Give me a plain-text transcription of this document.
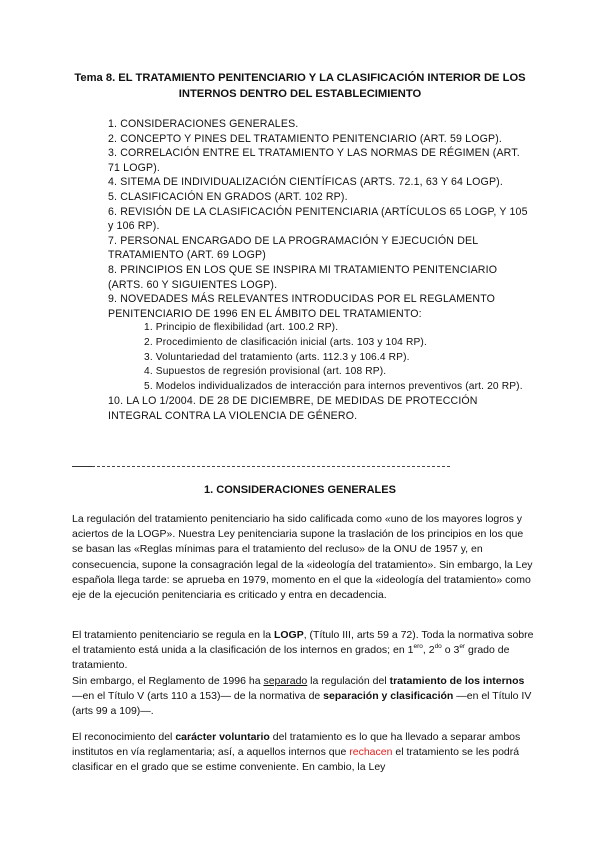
Tema 8. EL TRATAMIENTO PENITENCIARIO Y LA CLASIFICACIÓN INTERIOR DE LOS
INTERNOS DENTRO DEL ESTABLECIMIENTO

1. CONSIDERACIONES GENERALES.

2. CONCEPTO Y PINES DEL TRATAMIENTO PENITENCIARIO (ART. 59 LOGP).

3. CORRELACIÓN ENTRE EL TRATAMIENTO Y LAS NORMAS DE RÉGIMEN (ART. 71 LOGP).

4. SITEMA DE INDIVIDUALIZACIÓN CIENTÍFICAS (ARTS. 72.1, 63 Y 64 LOGP).

5. CLASIFICACIÓN EN GRADOS (ART. 102 RP).

6. REVISIÓN DE LA CLASIFICACIÓN PENITENCIARIA (ARTÍCULOS 65 LOGP, Y 105 y 106 RP).

7. PERSONAL ENCARGADO DE LA PROGRAMACIÓN Y EJECUCIÓN DEL TRATAMIENTO (ART. 69 LOGP)

8. PRINCIPIOS EN LOS QUE SE INSPIRA MI TRATAMIENTO PENITENCIARIO (ARTS. 60 Y SIGUIENTES LOGP).

9. NOVEDADES MÁS RELEVANTES INTRODUCIDAS POR EL REGLAMENTO PENITENCIARIO DE 1996 EN EL ÁMBITO DEL TRATAMIENTO:

1. Principio de flexibilidad (art. 100.2 RP).

2. Procedimiento de clasificación inicial (arts. 103 y 104 RP).

3. Voluntariedad del tratamiento (arts. 112.3 y 106.4 RP).

4. Supuestos de regresión provisional (art. 108 RP).

5. Modelos individualizados de interacción para internos preventivos (art. 20 RP).

10. LA LO 1/2004. DE 28 DE DICIEMBRE, DE MEDIDAS DE PROTECCIÓN INTEGRAL CONTRA LA VIOLENCIA DE GÉNERO.

1. CONSIDERACIONES GENERALES

La regulación del tratamiento penitenciario ha sido calificada como «uno de los mayores logros y aciertos de la LOGP». Nuestra Ley penitenciaria supone la traslación de los principios en los que se basan las «Reglas mínimas para el tratamiento del recluso» de la ONU de 1957 y, en consecuencia, supone la consagración legal de la «ideología del tratamiento». Sin embargo, la Ley española llega tarde: se aprueba en 1979, momento en el que la «ideología del tratamiento» como eje de la ejecución penitenciaria es criticado y entra en decadencia.

El tratamiento penitenciario se regula en la LOGP, (Título III, arts 59 a 72). Toda la normativa sobre el tratamiento está unida a la clasificación de los internos en grados; en $1^{ero}$, $2^{do}$ o 3er grado de tratamiento.

Sin embargo, el Reglamento de 1996 ha separado la regulación del tratamiento de los internos —en el Título V (arts 110 a 153)— de la normativa de separación y clasificación —en el Título IV (arts 99 a 109)—.

El reconocimiento del carácter voluntario del tratamiento es lo que ha llevado a separar ambos institutos en vía reglamentaria; así, a aquellos internos que rechacen el tratamiento se les podrá clasificar en el grado que se estime conveniente. En cambio, la Ley
